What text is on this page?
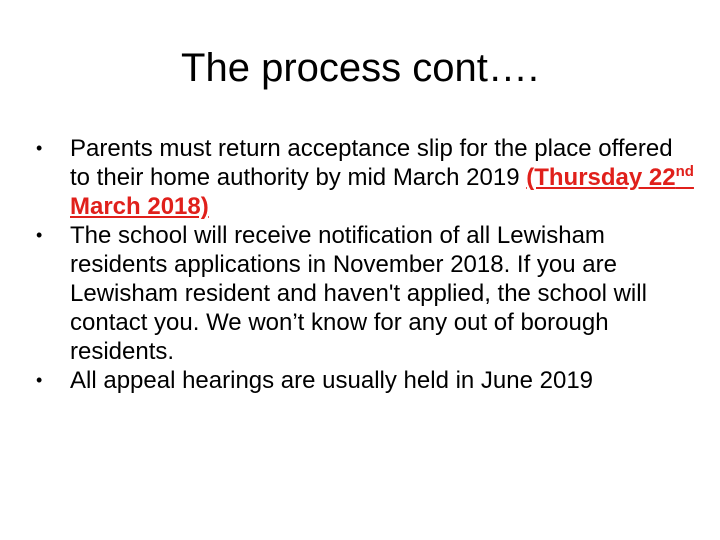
The process cont….
•	Parents must return acceptance slip for the place offered to their home authority by mid March 2019 (Thursday 22nd March 2018)
•	The school will receive notification of all Lewisham residents applications in November 2018. If you are Lewisham resident and haven't applied, the school will contact you. We won’t know for any out of borough residents.
•	All appeal hearings are usually held in June 2019
